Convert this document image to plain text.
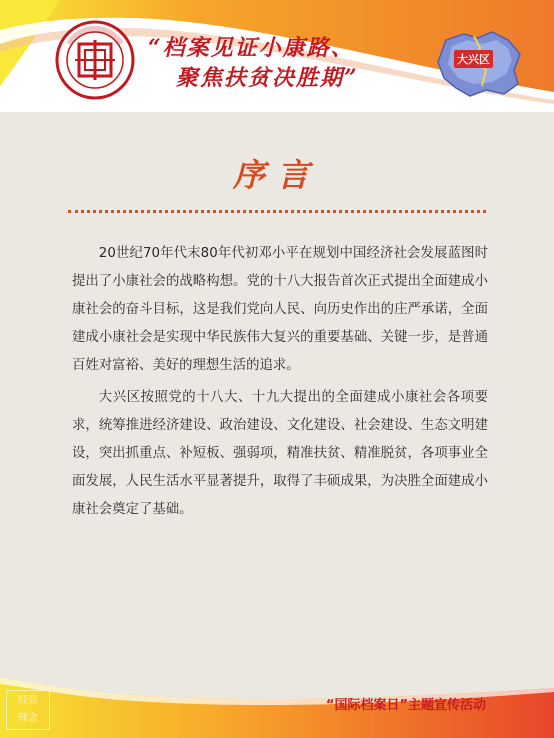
“档案见证小康路、
聚焦扶贫决胜期”
大兴区
序言

20世纪70年代末80年代初邓小平在规划中国经济社会发展蓝图时提出了小康社会的战略构想。党的十八大报告首次正式提出全面建成小康社会的奋斗目标，这是我们党向人民、向历史作出的庄严承诺，全面建成小康社会是实现中华民族伟大复兴的重要基础、关键一步，是普通百姓对富裕、美好的理想生活的追求。

大兴区按照党的十八大、十九大提出的全面建成小康社会各项要求，统筹推进经济建设、政治建设、文化建设、社会建设、生态文明建设，突出抓重点、补短板、强弱项，精准扶贫、精准脱贫，各项事业全面发展，人民生活水平显著提升，取得了丰硕成果，为决胜全面建成小康社会奠定了基础。

“国际档案日”主题宣传活动
经验
理念
